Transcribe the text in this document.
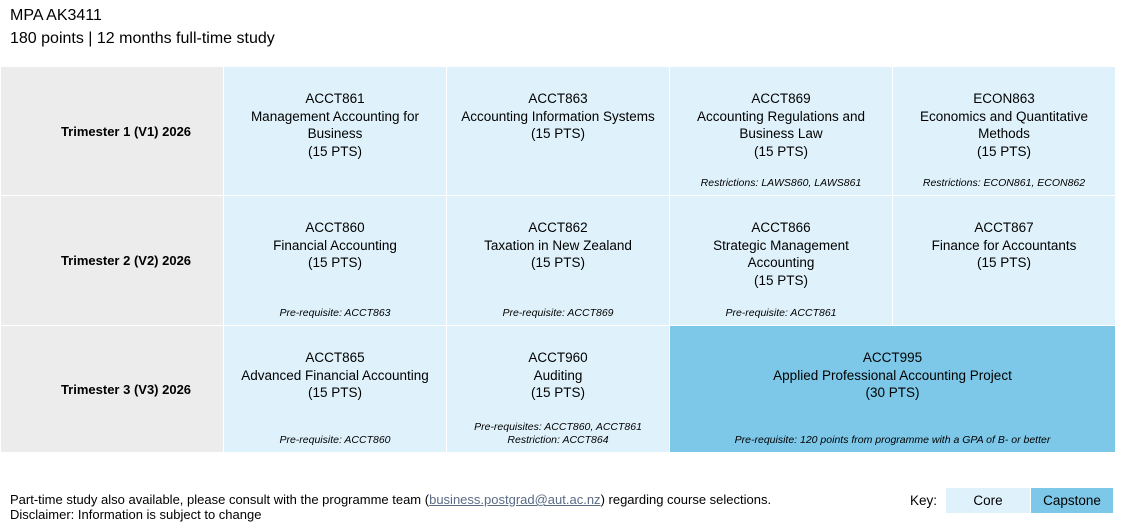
MPA AK3411
180 points | 12 months full-time study
Trimester 1 (V1) 2026
ACCT861
Management Accounting for
Business
(15 PTS)
ACCT863
Accounting Information Systems
(15 PTS)
ACCT869
Accounting Regulations and
Business Law
(15 PTS)
Restrictions: LAWS860, LAWS861
ECON863
Economics and Quantitative
Methods
(15 PTS)
Restrictions: ECON861, ECON862
Trimester 2 (V2) 2026
ACCT860
Financial Accounting
(15 PTS)
Pre-requisite: ACCT863
ACCT862
Taxation in New Zealand
(15 PTS)
Pre-requisite: ACCT869
ACCT866
Strategic Management
Accounting
(15 PTS)
Pre-requisite: ACCT861
ACCT867
Finance for Accountants
(15 PTS)
Trimester 3 (V3) 2026
ACCT865
Advanced Financial Accounting
(15 PTS)
Pre-requisite: ACCT860
ACCT960
Auditing
(15 PTS)
Pre-requisites: ACCT860, ACCT861
Restriction: ACCT864
ACCT995
Applied Professional Accounting Project
(30 PTS)
Pre-requisite: 120 points from programme with a GPA of B- or better
Part-time study also available, please consult with the programme team (business.postgrad@aut.ac.nz) regarding course selections.
Disclaimer: Information is subject to change
Key:	Core	Capstone
